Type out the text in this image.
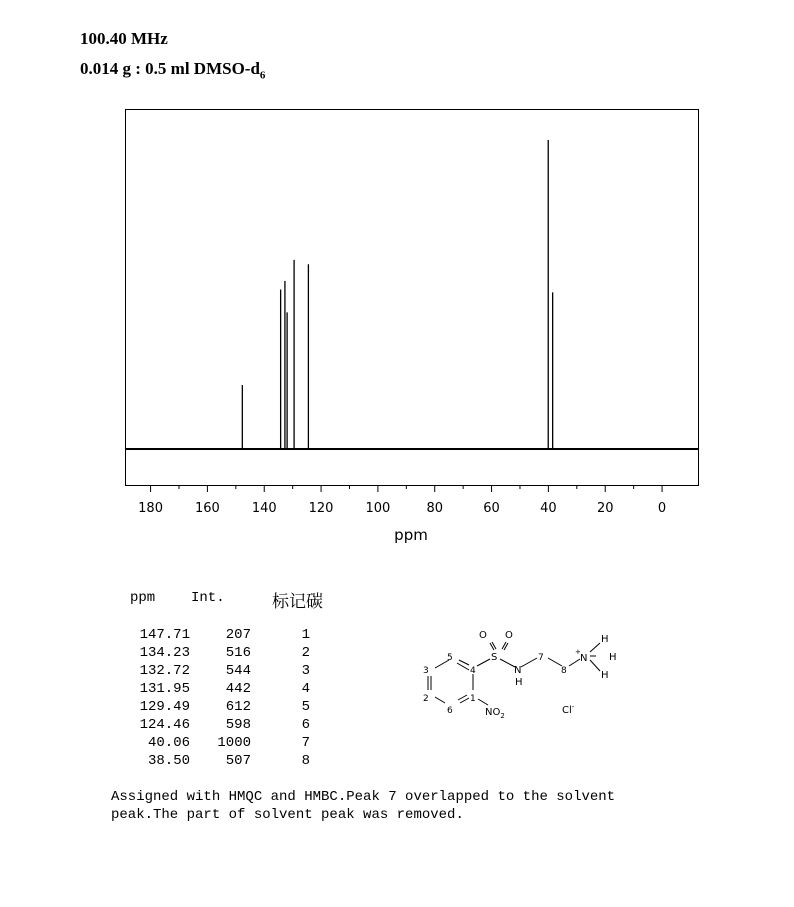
100.40 MHz
0.014 g : 0.5 ml DMSO-$d_6$
180 160 140 120 100	80	60	40	20	0
ppm
ppm	Int.	标记碳
147.71	207	1
134.23	516	2
132.72	544	3
131.95	442	4
129.49	612	5
124.46	598	6
40.06	1000	7
38.50	507	8
O O
S
N
H
N
+
H
H
H
$NO_2$	Cl-
1
2
3	4
5
6
7
8
Assigned with HMQC and HMBC.Peak 7 overlapped to the solvent peak.The part of solvent peak was removed.
